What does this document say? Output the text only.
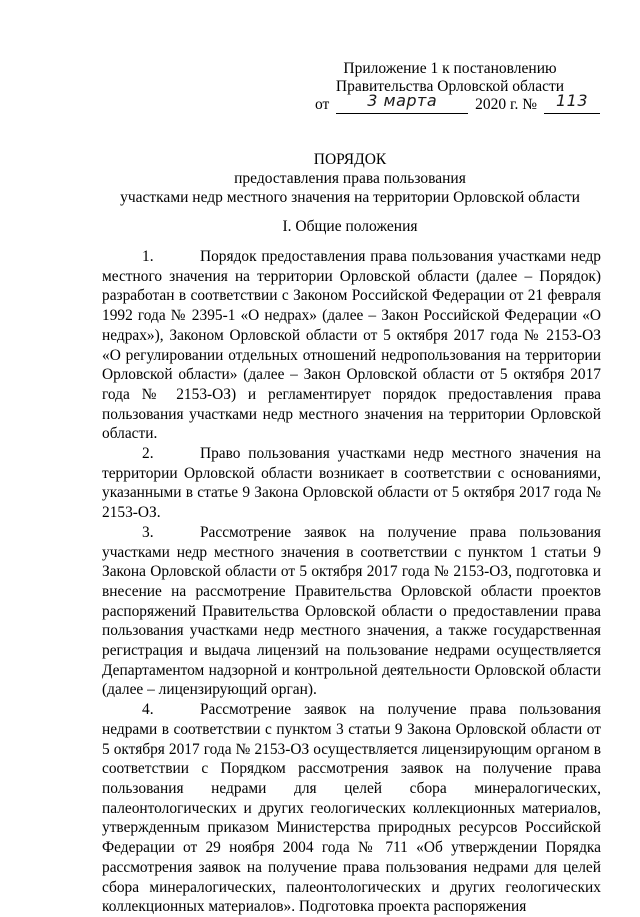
Приложение 1 к постановлению
Правительства Орловской области
от 3 марта 2020 г. № 113
ПОРЯДОК
предоставления права пользования
участками недр местного значения на территории Орловской области
I. Общие положения

1.	Порядок предоставления права пользования участками недр местного значения на территории Орловской области (далее – Порядок) разработан в соответствии с Законом Российской Федерации от 21 февраля 1992 года № 2395-1 «О недрах» (далее – Закон Российской Федерации «О недрах»), Законом Орловской области от 5 октября 2017 года № 2153-ОЗ «О регулировании отдельных отношений недропользования на территории Орловской области» (далее – Закон Орловской области от 5 октября 2017 года № 2153-ОЗ) и регламентирует порядок предоставления права пользования участками недр местного значения на территории Орловской области.

2.	Право пользования участками недр местного значения на территории Орловской области возникает в соответствии с основаниями, указанными в статье 9 Закона Орловской области от 5 октября 2017 года № 2153-ОЗ.

3.	Рассмотрение заявок на получение права пользования участками недр местного значения в соответствии с пунктом 1 статьи 9 Закона Орловской области от 5 октября 2017 года № 2153-ОЗ, подготовка и внесение на рассмотрение Правительства Орловской области проектов распоряжений Правительства Орловской области о предоставлении права пользования участками недр местного значения, а также государственная регистрация и выдача лицензий на пользование недрами осуществляется Департаментом надзорной и контрольной деятельности Орловской области (далее – лицензирующий орган).

4.	Рассмотрение заявок на получение права пользования недрами в соответствии с пунктом 3 статьи 9 Закона Орловской области от 5 октября 2017 года № 2153-ОЗ осуществляется лицензирующим органом в соответствии с Порядком рассмотрения заявок на получение права пользования недрами для целей сбора минералогических, палеонтологических и других геологических коллекционных материалов, утвержденным приказом Министерства природных ресурсов Российской Федерации от 29 ноября 2004 года № 711 «Об утверждении Порядка рассмотрения заявок на получение права пользования недрами для целей сбора минералогических, палеонтологических и других геологических коллекционных материалов». Подготовка проекта распоряжения
